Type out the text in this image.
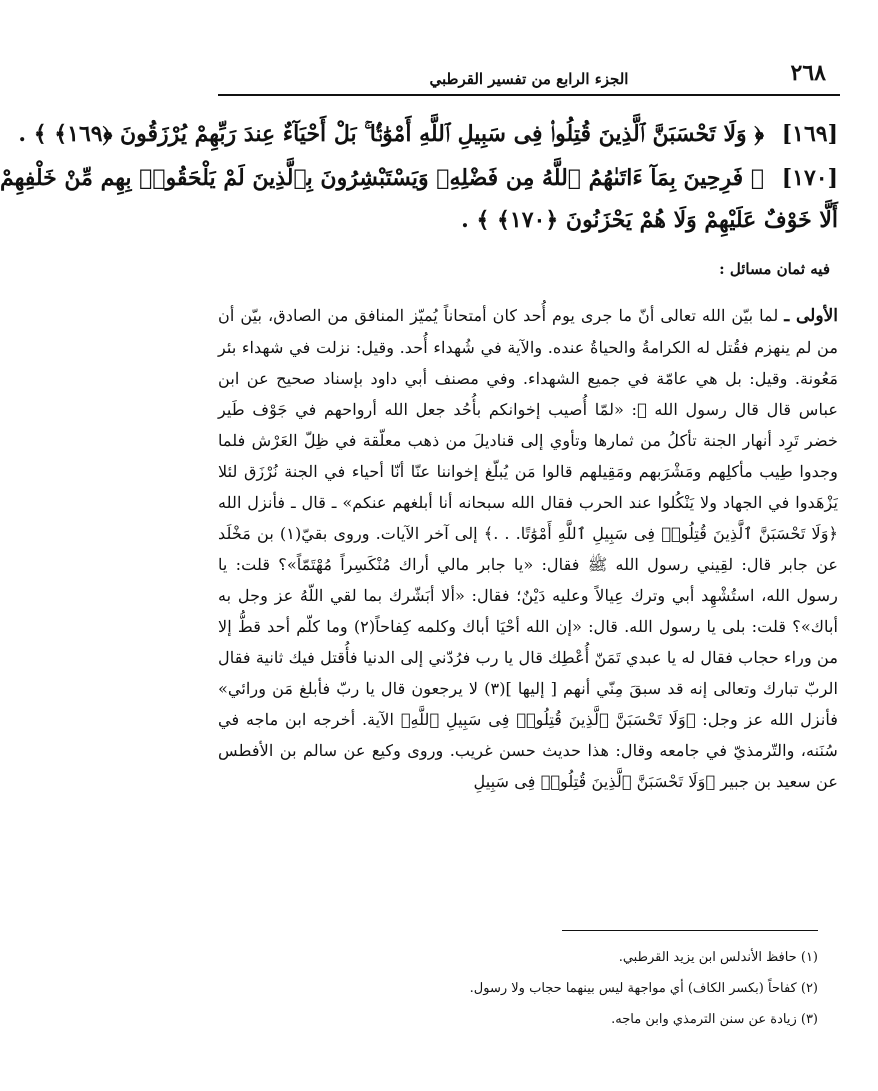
٢٦٨
الجزء الرابع من تفسير القرطبي
[١٦٩] ﴿ وَلَا تَحْسَبَنَّ ٱلَّذِينَ قُتِلُوا۟ فِى سَبِيلِ ٱللَّهِ أَمْوَٰتًۢا ۚ بَلْ أَحْيَآءٌ عِندَ رَبِّهِمْ يُرْزَقُونَ ﴿١٦٩﴾ ﴾ .
[١٧٠] ﴿ فَرِحِينَ بِمَآ ءَاتَىٰهُمُ ٱللَّهُ مِن فَضْلِهِۦ وَيَسْتَبْشِرُونَ بِٱلَّذِينَ لَمْ يَلْحَقُوا۟ بِهِم مِّنْ خَلْفِهِمْ
أَلَّا خَوْفٌ عَلَيْهِمْ وَلَا هُمْ يَحْزَنُونَ ﴿١٧٠﴾ ﴾ .
فيه ثمان مسائل :

الأولى ـ لما بيّن الله تعالى أنّ ما جرى يوم أُحد كان أمتحاناً يُميّز المنافق من الصادق، بيّن أن من لم ينهزم فقُتل له الكرامةُ والحياةُ عنده. والآية في شُهداء أُحد. وقيل: نزلت في شهداء بئر مَعُونة. وقيل: بل هي عامّة في جميع الشهداء. وفي مصنف أبي داود بإسناد صحيح عن ابن عباس قال قال رسول الله ﷺ: «لمّا أُصيب إخوانكم بأُحُد جعل الله أرواحهم في جَوْف طَير خضر تَرِد أنهار الجنة تأكلُ من ثمارها وتأوي إلى قناديلَ من ذهب معلّقة في ظِلّ العَرْش فلما وجدوا طِيب مأكلِهم ومَشْرَبهم ومَقِيلهم قالوا مَن يُبلّغ إخواننا عنّا أنّا أحياء في الجنة نُرْزَق لئلا يَزْهَدوا في الجهاد ولا يَنْكُلوا عند الحرب فقال الله سبحانه أنا أبلغهم عنكم» ـ قال ـ فأنزل الله ﴿وَلَا تَحْسَبَنَّ ٱلَّذِينَ قُتِلُوا۟ فِى سَبِيلِ ٱللَّهِ أَمْوَٰتًا. . .﴾ إلى آخر الآيات. وروى بقيّ(١) بن مَخْلَد عن جابر قال: لقِيني رسول الله ﷺ فقال: «يا جابر مالي أراك مُنْكَسِراً مُهْتَمّاً»؟ قلت: يا رسول الله، استُشْهِد أبي وترك عِيالاً وعليه دَيْنٌ؛ فقال: «ألا أبَشّرك بما لقي اللّهُ عز وجل به أباك»؟ قلت: بلى يا رسول الله. قال: «إن الله أحْيَا أباك وكلمه كِفاحاً(٢) وما كلّم أحد قطُّ إلا من وراء حجاب فقال له يا عبدي تَمَنّ أُعْطِك قال يا رب فرُدّني إلى الدنيا فأُقتل فيك ثانية فقال الربّ تبارك وتعالى إنه قد سبقَ مِنّي أنهم [ إليها ](٣) لا يرجعون قال يا ربّ فأبلغ مَن ورائي» فأنزل الله عز وجل: ﴿وَلَا تَحْسَبَنَّ ٱلَّذِينَ قُتِلُوا۟ فِى سَبِيلِ ٱللَّهِ﴾ الآية. أخرجه ابن ماجه في سُنَنه، والتّرمذيّ في جامعه وقال: هذا حديث حسن غريب. وروى وكيع عن سالم بن الأفطس عن سعيد بن جبير ﴿وَلَا تَحْسَبَنَّ ٱلَّذِينَ قُتِلُوا۟ فِى سَبِيلِ

(١) حافظ الأندلس ابن يزيد القرطبي.
(٢) كفاحاً (بكسر الكاف) أي مواجهة ليس بينهما حجاب ولا رسول.
(٣) زيادة عن سنن الترمذي وابن ماجه.
